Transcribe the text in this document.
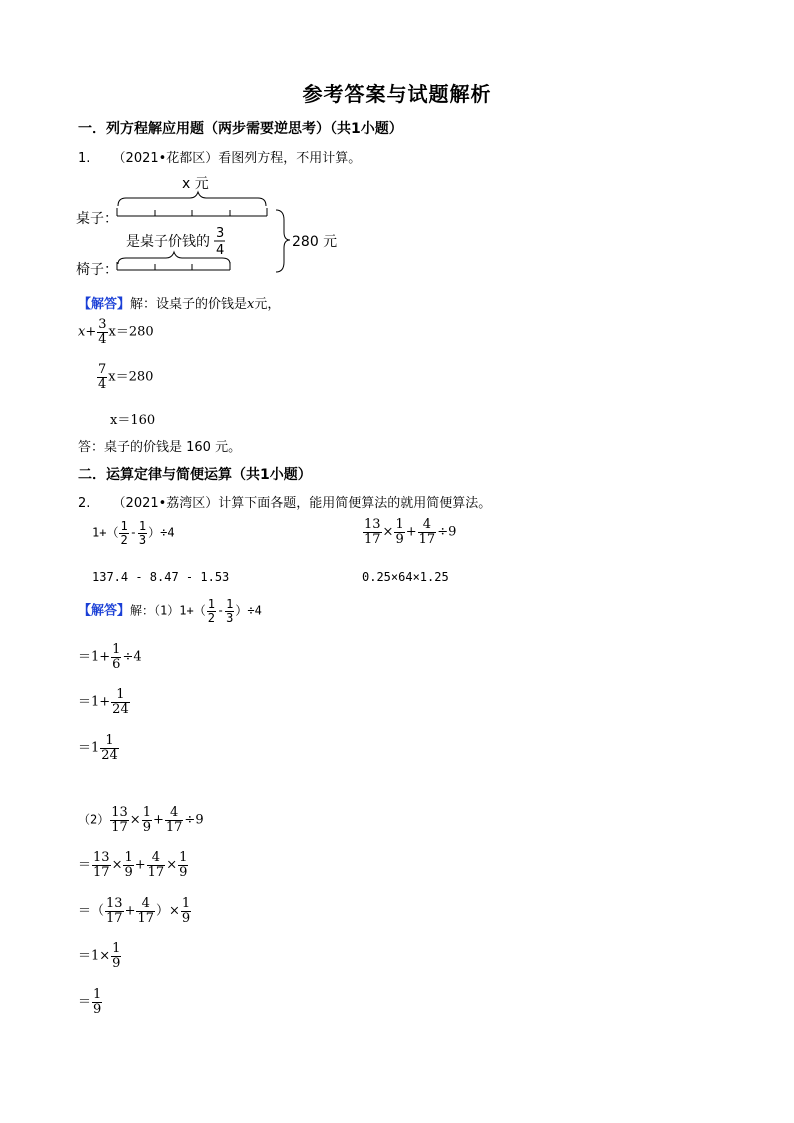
参考答案与试题解析
一．列方程解应用题（两步需要逆思考）（共1小题）
1. （2021•花都区）看图列方程，不用计算。
x 元
桌子：
是桌子价钱的
3
4
椅子：
280 元
【解答】解：设桌子的价钱是x元，
$x+ \frac{3}{4} x=280$
$\frac{7}{4} x=280$
x＝160
答：桌子的价钱是 160 元。
二．运算定律与简便运算（共1小题）
2. （2021•荔湾区）计算下面各题，能用简便算法的就用简便算法。
$1+( \frac{1}{2} - \frac{1}{3} )\div 4$	$\frac{13}{17} \times \frac{1}{9} + \frac{4}{17} \div 9$
137.4 - 8.47 - 1.53	0.25×64×1.25
【解答】解：$(1)1+( \frac{1}{2} - \frac{1}{3} )\div 4$
$=1+ \frac{1}{6} \div 4$
$=1+ \frac{1}{24}$
$=1 \frac{1}{24}$
$(2) \frac{13}{17} \times \frac{1}{9} + \frac{4}{17} \div 9$
＝ $\frac{13}{17} \times \frac{1}{9} + \frac{4}{17} \times \frac{1}{9}$
＝（ $\frac{13}{17} + \frac{4}{17}$ ）× $\frac{1}{9}$
$=1\times \frac{1}{9}$
＝ $\frac{1}{9}$
